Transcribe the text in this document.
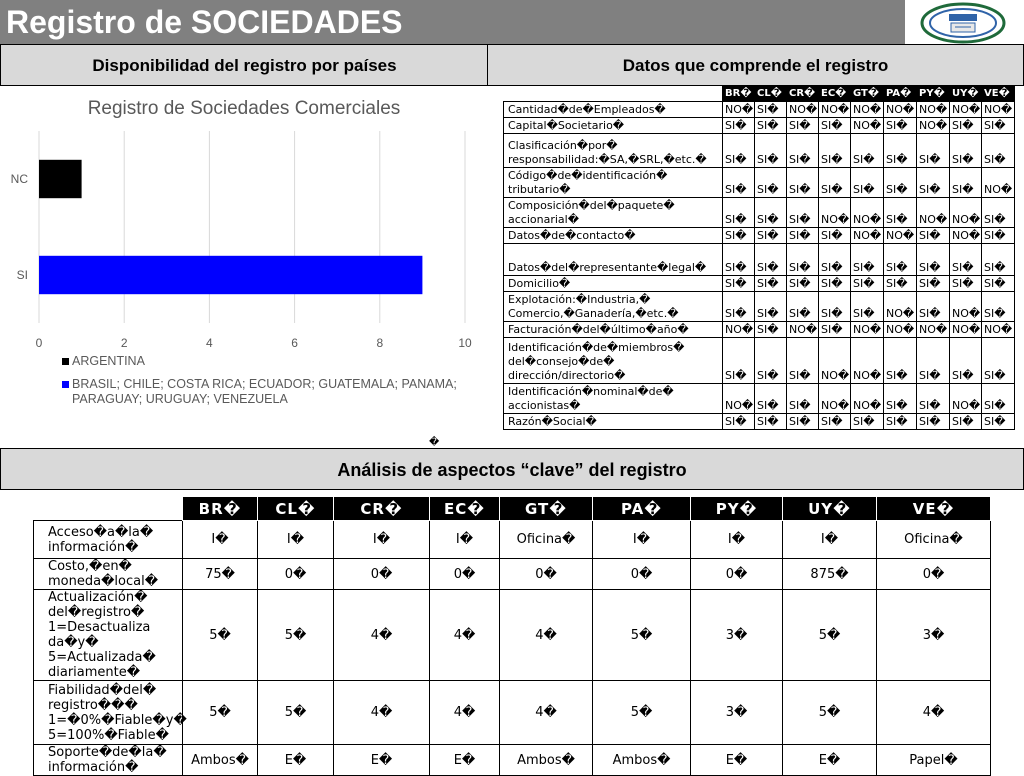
Registro de SOCIEDADES
Disponibilidad del registro por países	Datos que comprende el registro
Registro de Sociedades Comerciales
0	2	4	6	8	10
NC
SI
ARGENTINA
BRASIL; CHILE; COSTA RICA; ECUADOR; GUATEMALA; PANAMA; PARAGUAY; URUGUAY; VENEZUELA
�
	BR�	CL�	CR�	EC�	GT�	PA�	PY�	UY�	VE�
Cantidad�de�Empleados�	NO�	SI�	NO�	NO�	NO�	NO�	NO�	NO�	NO�
Capital�Societario�	SI�	SI�	SI�	SI�	NO�	SI�	NO�	SI�	SI�
Clasificación�por� responsabilidad:�SA,�SRL,�etc.�	SI�	SI�	SI�	SI�	SI�	SI�	SI�	SI�	SI�
Código�de�identificación� tributario�	SI�	SI�	SI�	SI�	SI�	SI�	SI�	SI�	NO�
Composición�del�paquete� accionarial�	SI�	SI�	SI�	NO�	NO�	SI�	NO�	NO�	SI�
Datos�de�contacto�	SI�	SI�	SI�	SI�	NO�	NO�	SI�	NO�	SI�
Datos�del�representante�legal�	SI�	SI�	SI�	SI�	SI�	SI�	SI�	SI�	SI�
Domicilio�	SI�	SI�	SI�	SI�	SI�	SI�	SI�	SI�	SI�
Explotación:�Industria,� Comercio,�Ganadería,�etc.�	SI�	SI�	SI�	SI�	SI�	NO�	SI�	NO�	SI�
Facturación�del�último�año�	NO�	SI�	NO�	SI�	NO�	NO�	NO�	NO�	NO�
Identificación�de�miembros� del�consejo�de� dirección/directorio�	SI�	SI�	SI�	NO�	NO�	SI�	SI�	SI�	SI�
Identificación�nominal�de� accionistas�	NO�	SI�	SI�	NO�	NO�	SI�	SI�	NO�	SI�
Razón�Social�	SI�	SI�	SI�	SI�	SI�	SI�	SI�	SI�	SI�
Análisis de aspectos “clave” del registro
	BR�	CL�	CR�	EC�	GT�	PA�	PY�	UY�	VE�
Acceso�a�la� información�	I�	I�	I�	I�	Oficina�	I�	I�	I�	Oficina�
Costo,�en� moneda�local�	75�	0�	0�	0�	0�	0�	0�	875�	0�
Actualización� del�registro� 1=Desactualiza da�y� 5=Actualizada� diariamente�	5�	5�	4�	4�	4�	5�	3�	5�	3�
Fiabilidad�del� registro��� 1=�0%�Fiable�y� 5=100%�Fiable�	5�	5�	4�	4�	4�	5�	3�	5�	4�
Soporte�de�la� información�	Ambos�	E�	E�	E�	Ambos�	Ambos�	E�	E�	Papel�
